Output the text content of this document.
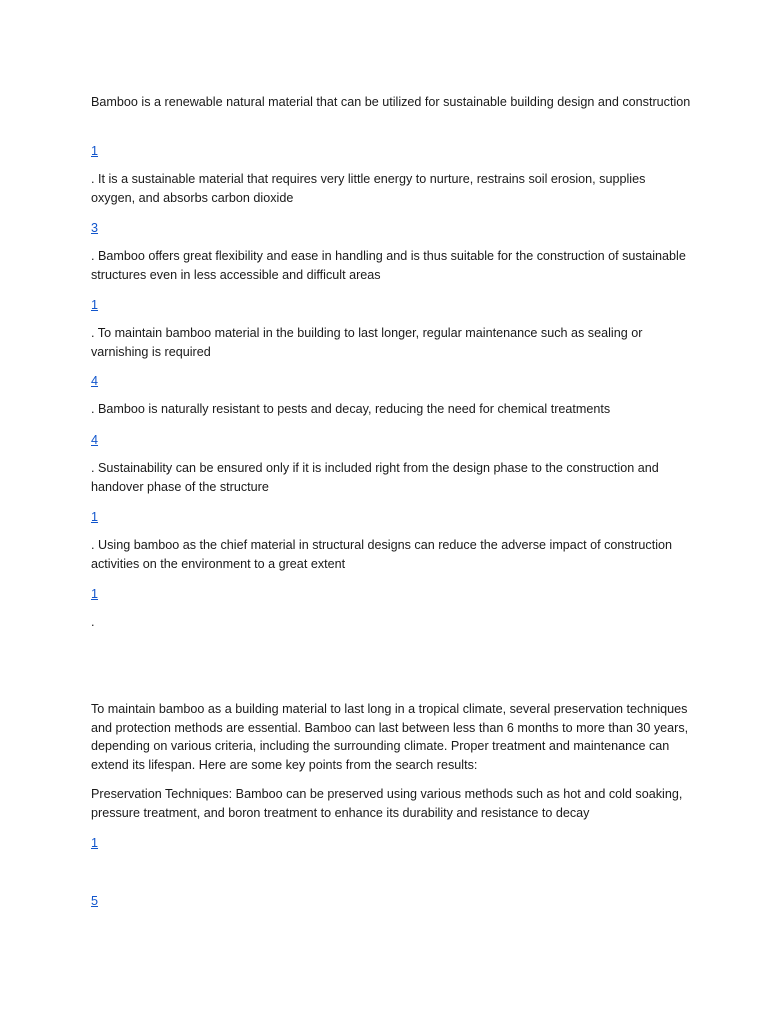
Bamboo is a renewable natural material that can be utilized for sustainable building design and construction

1

. It is a sustainable material that requires very little energy to nurture, restrains soil erosion, supplies oxygen, and absorbs carbon dioxide

3

. Bamboo offers great flexibility and ease in handling and is thus suitable for the construction of sustainable structures even in less accessible and difficult areas

1

. To maintain bamboo material in the building to last longer, regular maintenance such as sealing or varnishing is required

4

. Bamboo is naturally resistant to pests and decay, reducing the need for chemical treatments

4

. Sustainability can be ensured only if it is included right from the design phase to the construction and handover phase of the structure

1

. Using bamboo as the chief material in structural designs can reduce the adverse impact of construction activities on the environment to a great extent

1

.

To maintain bamboo as a building material to last long in a tropical climate, several preservation techniques and protection methods are essential. Bamboo can last between less than 6 months to more than 30 years, depending on various criteria, including the surrounding climate. Proper treatment and maintenance can extend its lifespan. Here are some key points from the search results:

Preservation Techniques: Bamboo can be preserved using various methods such as hot and cold soaking, pressure treatment, and boron treatment to enhance its durability and resistance to decay

1
5
